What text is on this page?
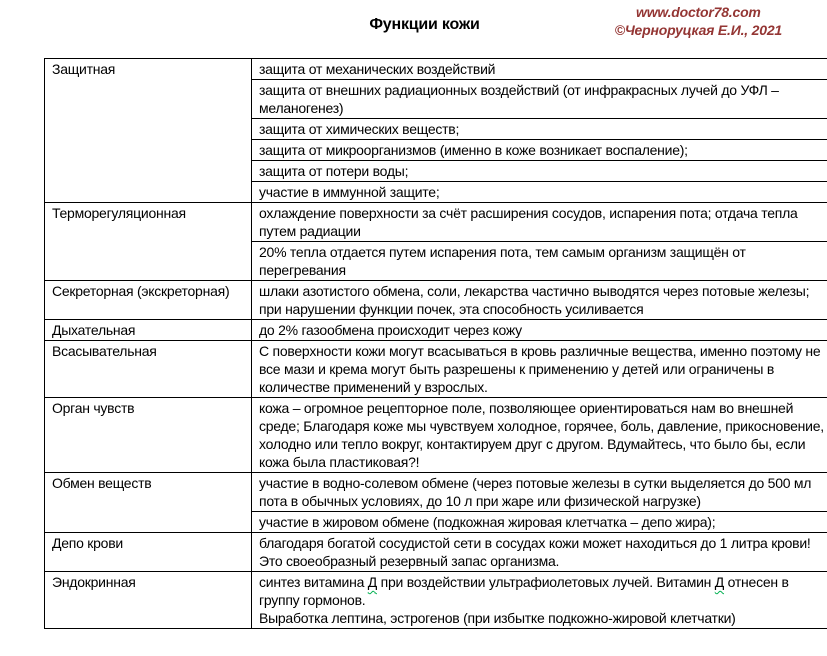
Функции кожи
www.doctor78.com
©Черноруцкая Е.И., 2021
Защитная	защита от механических воздействий
	защита от внешних радиационных воздействий (от инфракрасных лучей до УФЛ – меланогенез)
	защита от химических веществ;
	защита от микроорганизмов (именно в коже возникает воспаление);
	защита от потери воды;
	участие в иммунной защите;
Терморегуляционная	охлаждение поверхности за счёт расширения сосудов, испарения пота; отдача тепла путем радиации
	20% тепла отдается путем испарения пота, тем самым организм защищён от перегревания
Секреторная (экскреторная)	шлаки азотистого обмена, соли, лекарства частично выводятся через потовые железы; при нарушении функции почек, эта способность усиливается
Дыхательная	до 2% газообмена происходит через кожу
Всасывательная	С поверхности кожи могут всасываться в кровь различные вещества, именно поэтому не все мази и крема могут быть разрешены к применению у детей или ограничены в количестве применений у взрослых.
Орган чувств	кожа – огромное рецепторное поле, позволяющее ориентироваться нам во внешней среде; Благодаря коже мы чувствуем холодное, горячее, боль, давление, прикосновение, холодно или тепло вокруг, контактируем друг с другом. Вдумайтесь, что было бы, если кожа была пластиковая?!
Обмен веществ	участие в водно-солевом обмене (через потовые железы в сутки выделяется до 500 мл пота в обычных условиях, до 10 л при жаре или физической нагрузке)
	участие в жировом обмене (подкожная жировая клетчатка – депо жира);
Депо крови	благодаря богатой сосудистой сети в сосудах кожи может находиться до 1 литра крови! Это своеобразный резервный запас организма.
Эндокринная	синтез витамина Д при воздействии ультрафиолетовых лучей. Витамин Д отнесен в группу гормонов.
Выработка лептина, эстрогенов (при избытке подкожно-жировой клетчатки)
